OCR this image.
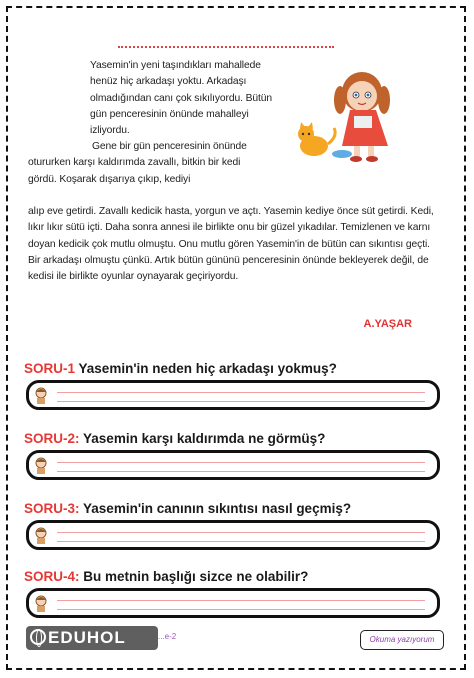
Yasemin'in yeni taşındıkları mahallede henüz hiç arkadaşı yoktu. Arkadaşı olmadığından canı çok sıkılıyordu. Bütün gün penceresinin önünde mahalleyi izliyordu.

Gene bir gün penceresinin önünde otururken karşı kaldırımda zavallı, bitkin bir kedi gördü. Koşarak dışarıya çıkıp, kediyi

alıp eve getirdi. Zavallı kedicik hasta, yorgun ve açtı. Yasemin kediye önce süt getirdi. Kedi, lıkır lıkır sütü içti. Daha sonra annesi ile birlikte onu bir güzel yıkadılar. Temizlenen ve karnı doyan kedicik çok mutlu olmuştu. Onu mutlu gören Yasemin'in de bütün can sıkıntısı geçti. Bir arkadaşı olmuştu çünkü. Artık bütün gününü penceresinin önünde bekleyerek değil, de kedisi ile birlikte oyunlar oynayarak geçiriyordu.

A.YAŞAR
SORU-1 Yasemin'in neden hiç arkadaşı yokmuş?
SORU-2: Yasemin karşı kaldırımda ne görmüş?
SORU-3: Yasemin'in canının sıkıntısı nasıl geçmiş?
SORU-4: Bu metnin başlığı sizce ne olabilir?
EDUHOL	...e-2	Okuma yazıyorum
